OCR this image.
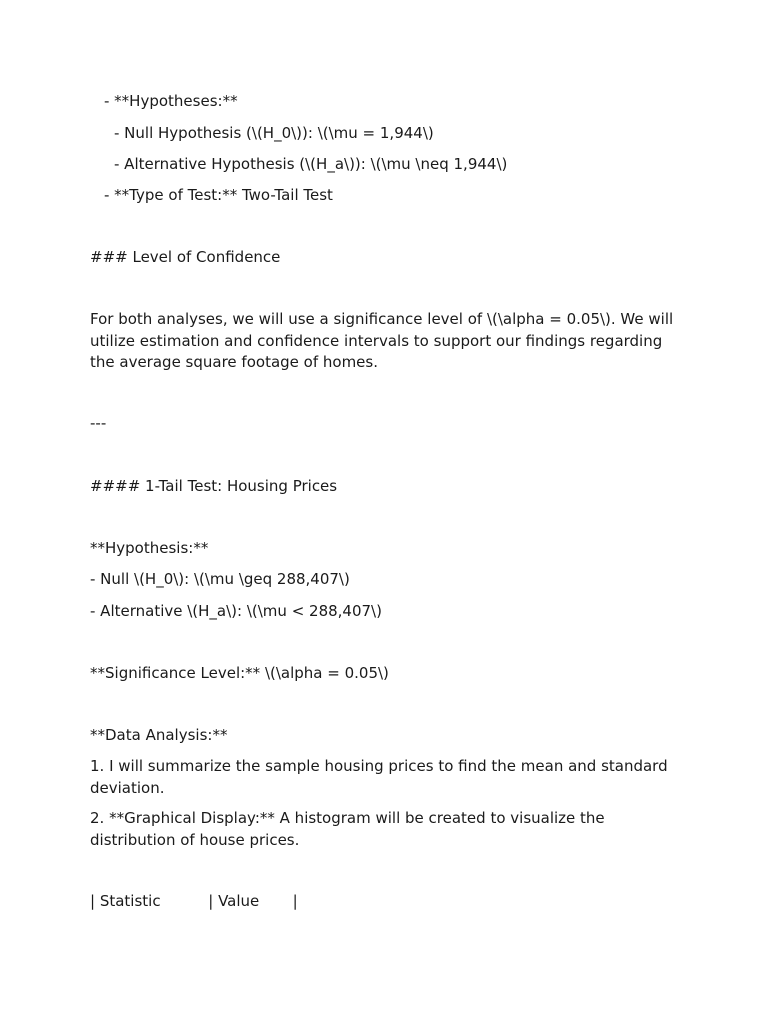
- **Hypotheses:**
- Null Hypothesis (\(H_0\)): \(\mu = 1,944\)
- Alternative Hypothesis (\(H_a\)): \(\mu \neq 1,944\)
- **Type of Test:** Two-Tail Test
### Level of Confidence
For both analyses, we will use a significance level of \(\alpha = 0.05\). We will utilize estimation and confidence intervals to support our findings regarding the average square footage of homes.
---
#### 1-Tail Test: Housing Prices
**Hypothesis:**
- Null \(H_0\): \(\mu \geq 288,407\)
- Alternative \(H_a\): \(\mu < 288,407\)
**Significance Level:** \(\alpha = 0.05\)
**Data Analysis:**
1. I will summarize the sample housing prices to find the mean and standard deviation.
2. **Graphical Display:** A histogram will be created to visualize the distribution of house prices.
| Statistic          | Value       |
